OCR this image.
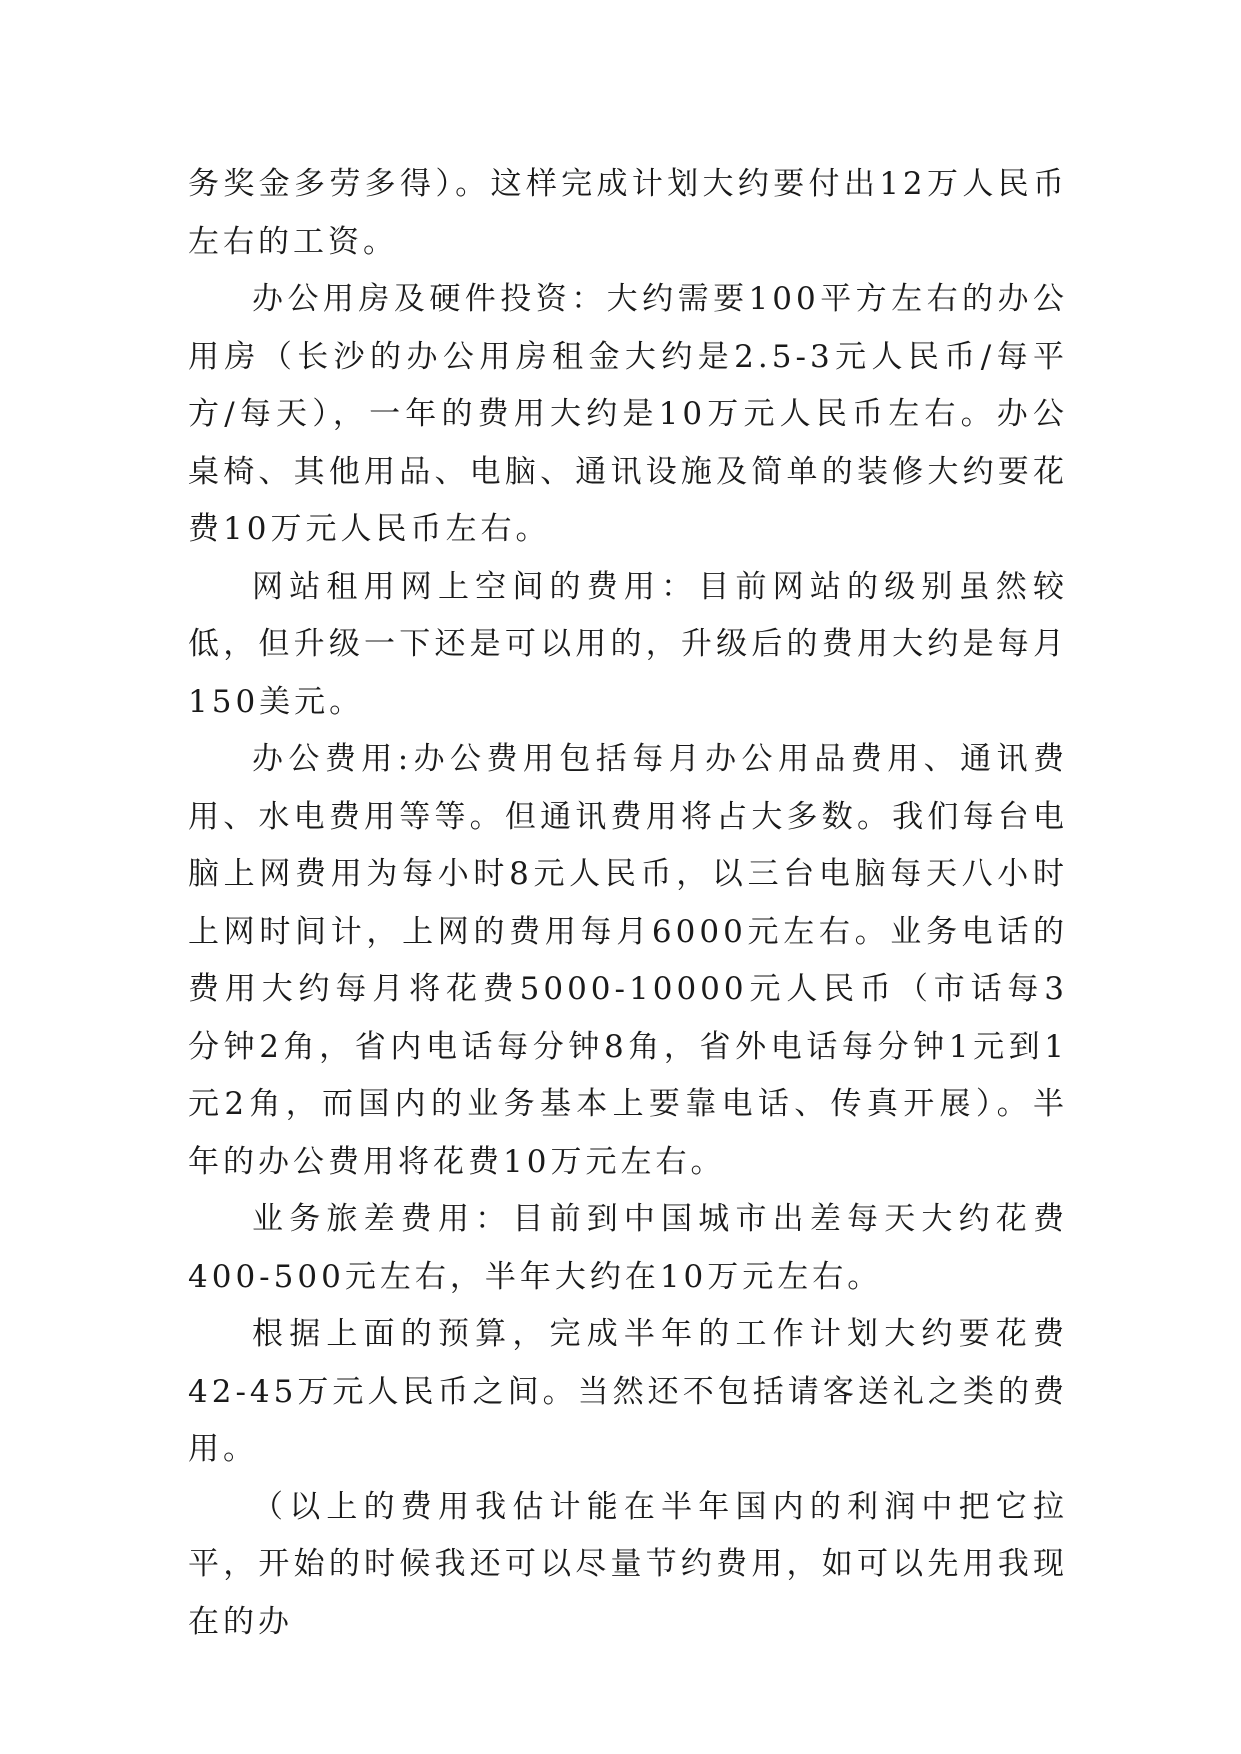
务奖金多劳多得）。这样完成计划大约要付出12万人民币左右的工资。

办公用房及硬件投资：大约需要100平方左右的办公用房（长沙的办公用房租金大约是2.5-3元人民币/每平方/每天），一年的费用大约是10万元人民币左右。办公桌椅、其他用品、电脑、通讯设施及简单的装修大约要花费10万元人民币左右。

网站租用网上空间的费用：目前网站的级别虽然较低，但升级一下还是可以用的，升级后的费用大约是每月150美元。

办公费用:办公费用包括每月办公用品费用、通讯费用、水电费用等等。但通讯费用将占大多数。我们每台电脑上网费用为每小时8元人民币，以三台电脑每天八小时上网时间计，上网的费用每月6000元左右。业务电话的费用大约每月将花费5000-10000元人民币（市话每3分钟2角，省内电话每分钟8角，省外电话每分钟1元到1元2角，而国内的业务基本上要靠电话、传真开展）。半年的办公费用将花费10万元左右。

业务旅差费用：目前到中国城市出差每天大约花费400-500元左右，半年大约在10万元左右。

根据上面的预算，完成半年的工作计划大约要花费42-45万元人民币之间。当然还不包括请客送礼之类的费用。

（以上的费用我估计能在半年国内的利润中把它拉平，开始的时候我还可以尽量节约费用，如可以先用我现在的办
